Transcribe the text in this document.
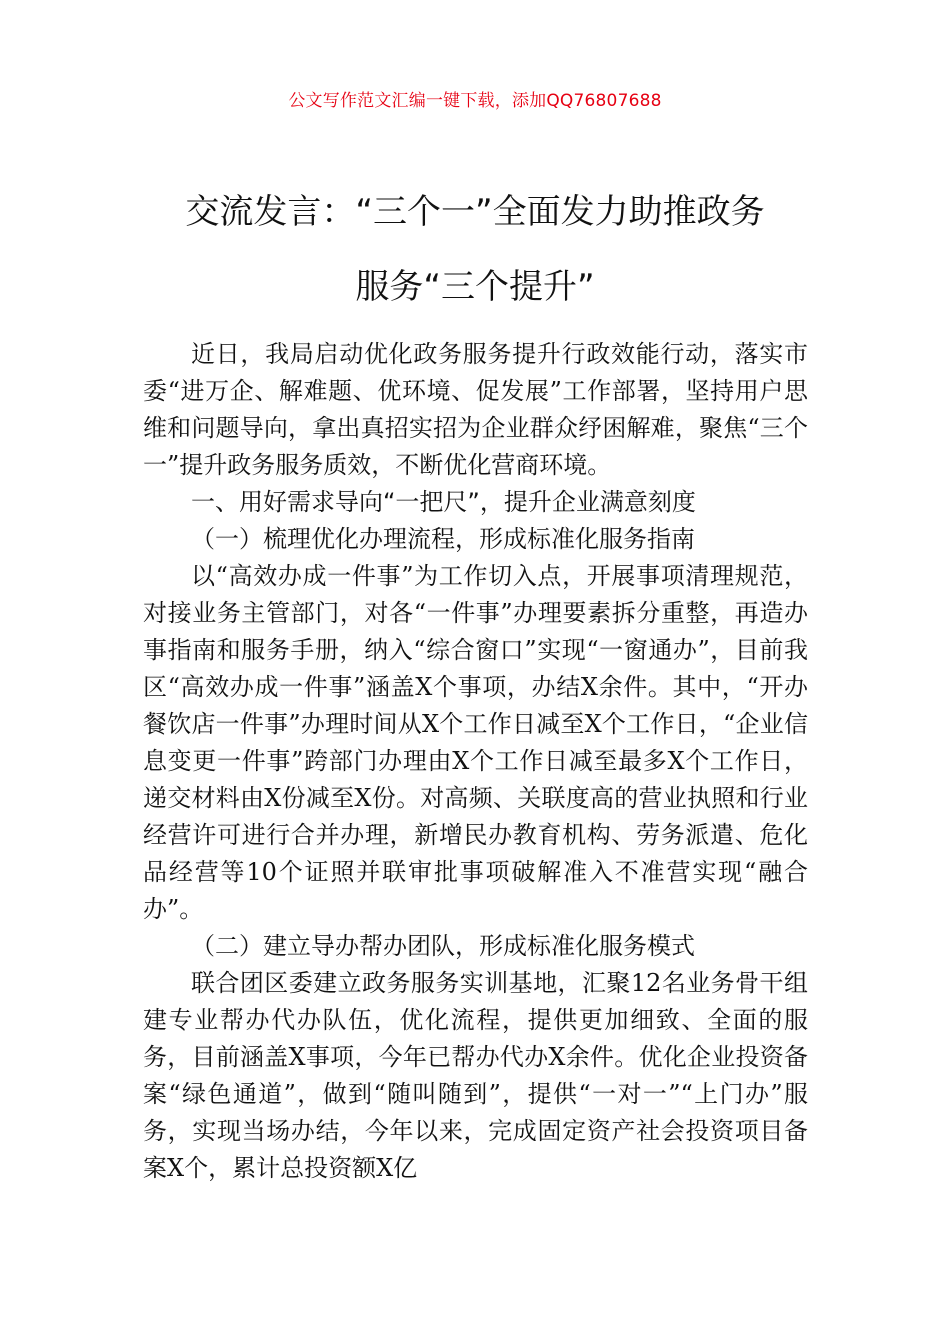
公文写作范文汇编一键下载，添加QQ76807688
交流发言：“三个一”全面发力助推政务
服务“三个提升”

近日，我局启动优化政务服务提升行政效能行动，落实市委“进万企、解难题、优环境、促发展”工作部署，坚持用户思维和问题导向，拿出真招实招为企业群众纾困解难，聚焦“三个一”提升政务服务质效，不断优化营商环境。

一、用好需求导向“一把尺”，提升企业满意刻度

（一）梳理优化办理流程，形成标准化服务指南

以“高效办成一件事”为工作切入点，开展事项清理规范，对接业务主管部门，对各“一件事”办理要素拆分重整，再造办事指南和服务手册，纳入“综合窗口”实现“一窗通办”，目前我区“高效办成一件事”涵盖X个事项，办结X余件。其中，“开办餐饮店一件事”办理时间从X个工作日减至X个工作日，“企业信息变更一件事”跨部门办理由X个工作日减至最多X个工作日，递交材料由X份减至X份。对高频、关联度高的营业执照和行业经营许可进行合并办理，新增民办教育机构、劳务派遣、危化品经营等10个证照并联审批事项破解准入不准营实现“融合办”。

（二）建立导办帮办团队，形成标准化服务模式

联合团区委建立政务服务实训基地，汇聚12名业务骨干组建专业帮办代办队伍，优化流程，提供更加细致、全面的服务，目前涵盖X事项，今年已帮办代办X余件。优化企业投资备案“绿色通道”，做到“随叫随到”，提供“一对一”“上门办”服务，实现当场办结，今年以来，完成固定资产社会投资项目备案X个，累计总投资额X亿
